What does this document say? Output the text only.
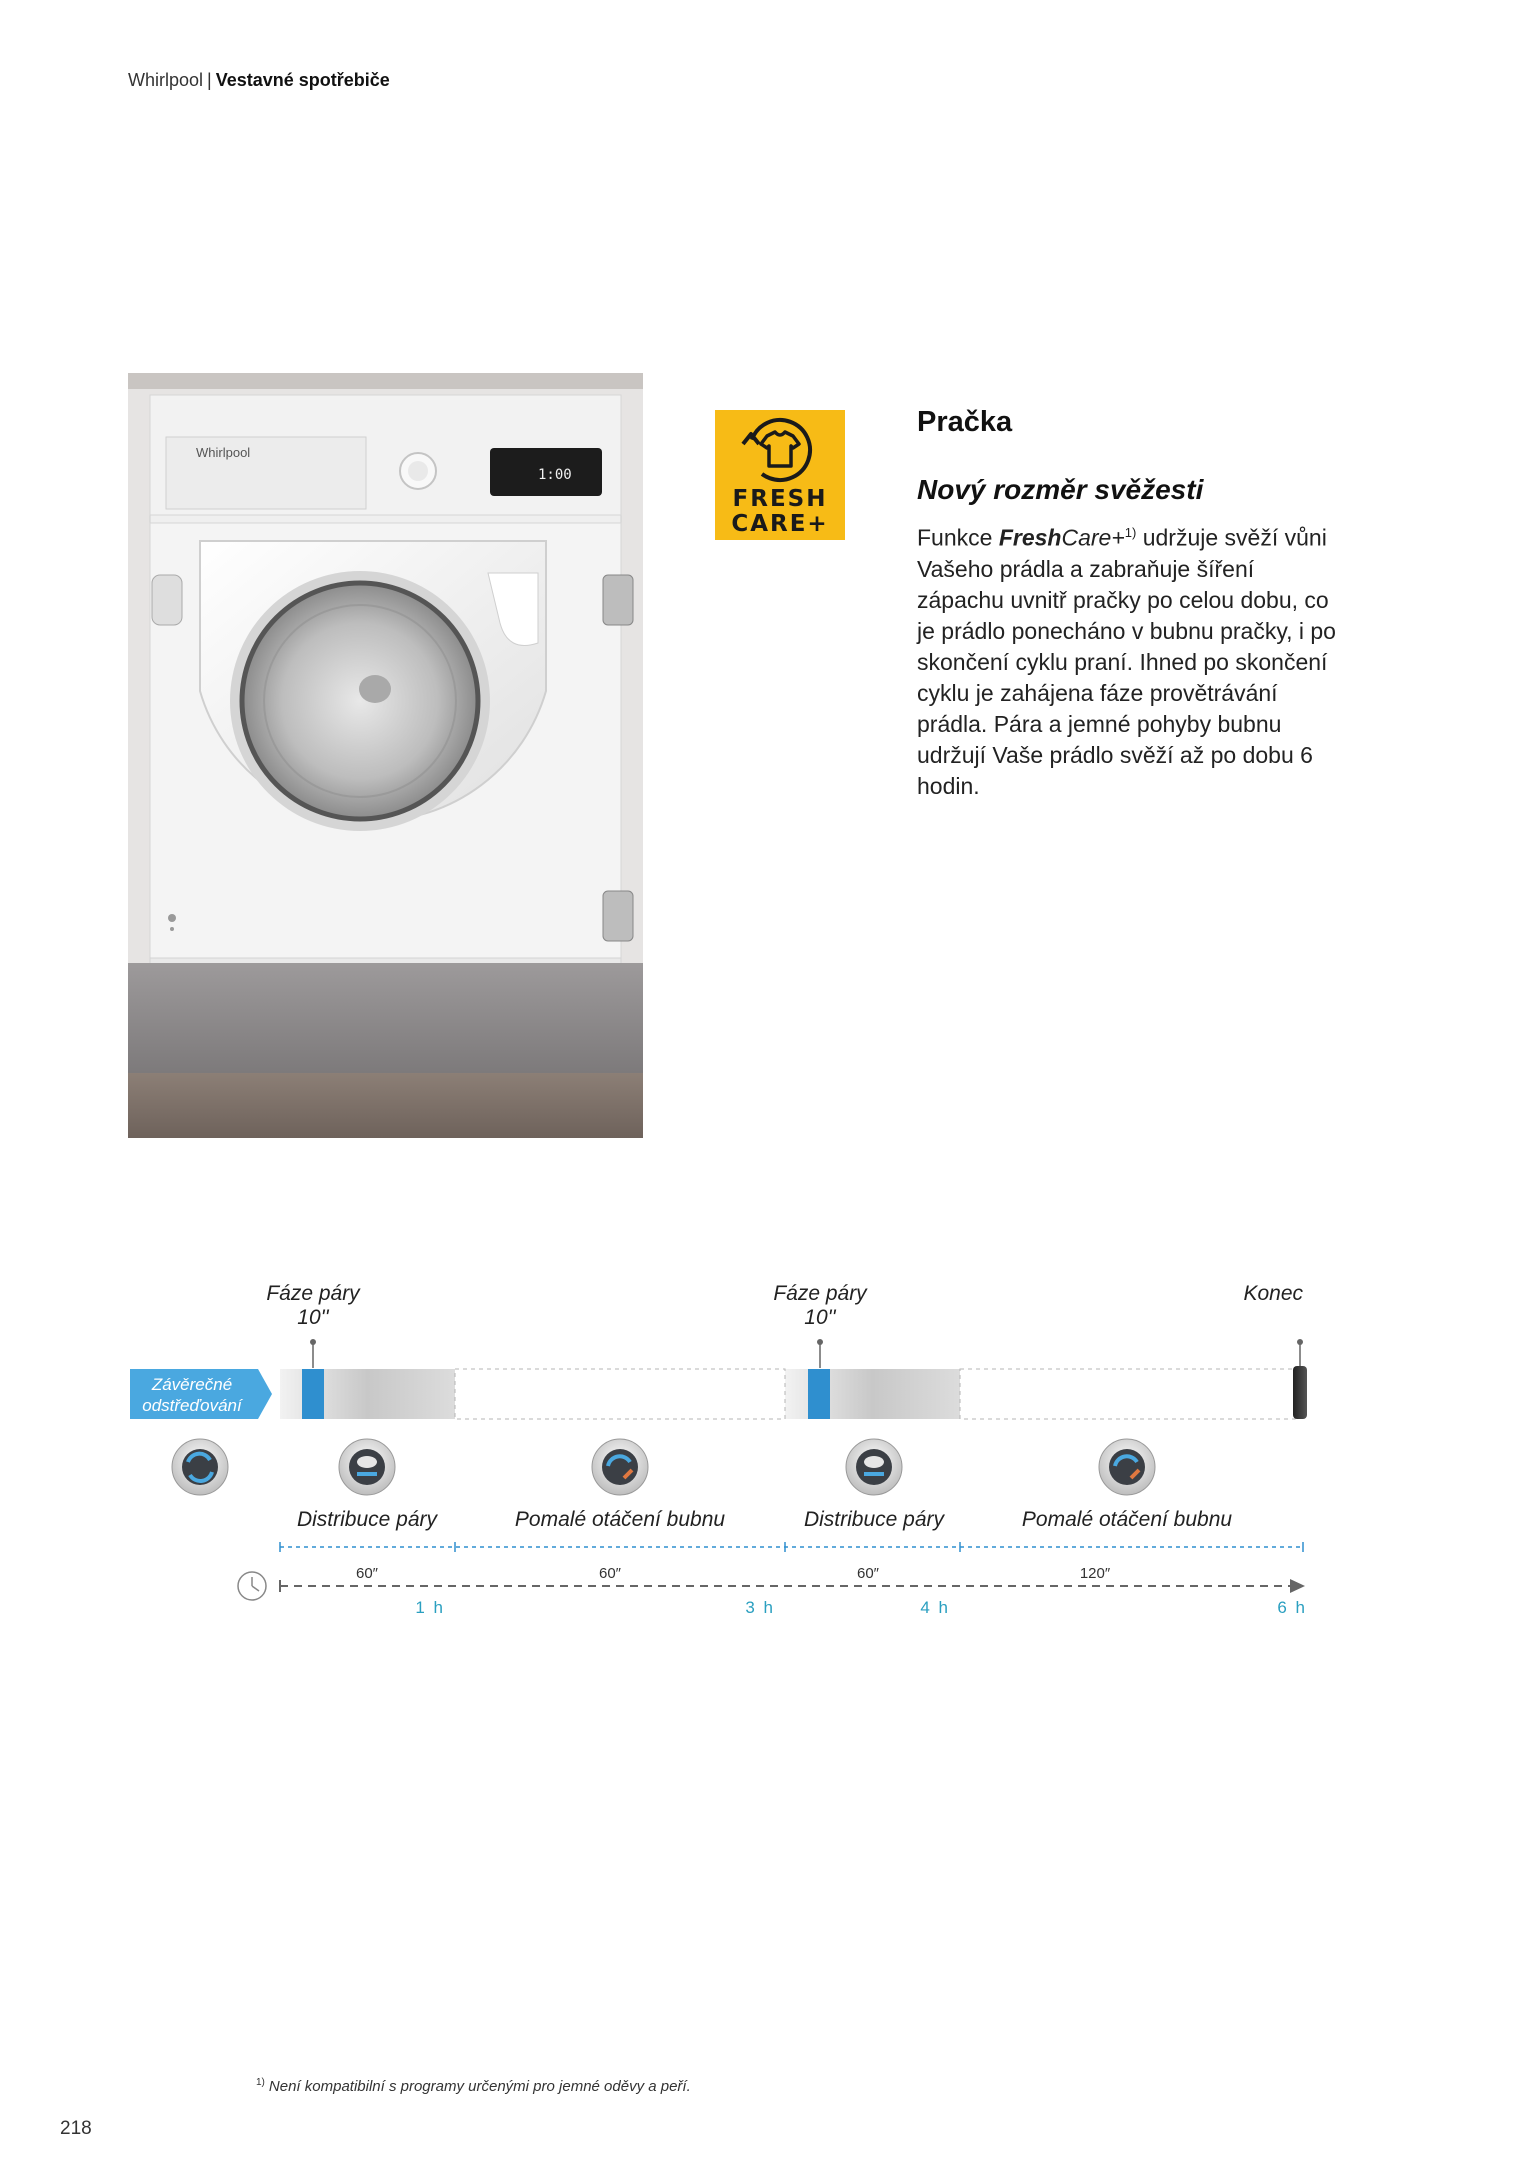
Whirlpool | Vestavné spotřebiče
Whirlpool
1:00
FRESH
CARE+
Pračka
Nový rozměr svěžesti
Funkce FreshCare+$^{1)}$ udržuje svěží vůni Vašeho prádla a zabraňuje šíření zápachu uvnitř pračky po celou dobu, co je prádlo ponecháno v bubnu pračky, i po skončení cyklu praní. Ihned po skončení cyklu je zahájena fáze provětrávání prádla. Pára a jemné pohyby bubnu udržují Vaše prádlo svěží až po dobu 6 hodin.
Fáze páry
10''
Fáze páry
10''
Konec
Závěrečné
odstřeďování
Distribuce páry	Pomalé otáčení bubnu	Distribuce páry	Pomalé otáčení bubnu
60″	60″	60″	120″
1 h	3 h	4 h	6 h
$^{1)}$ Není kompatibilní s programy určenými pro jemné oděvy a peří.
218
